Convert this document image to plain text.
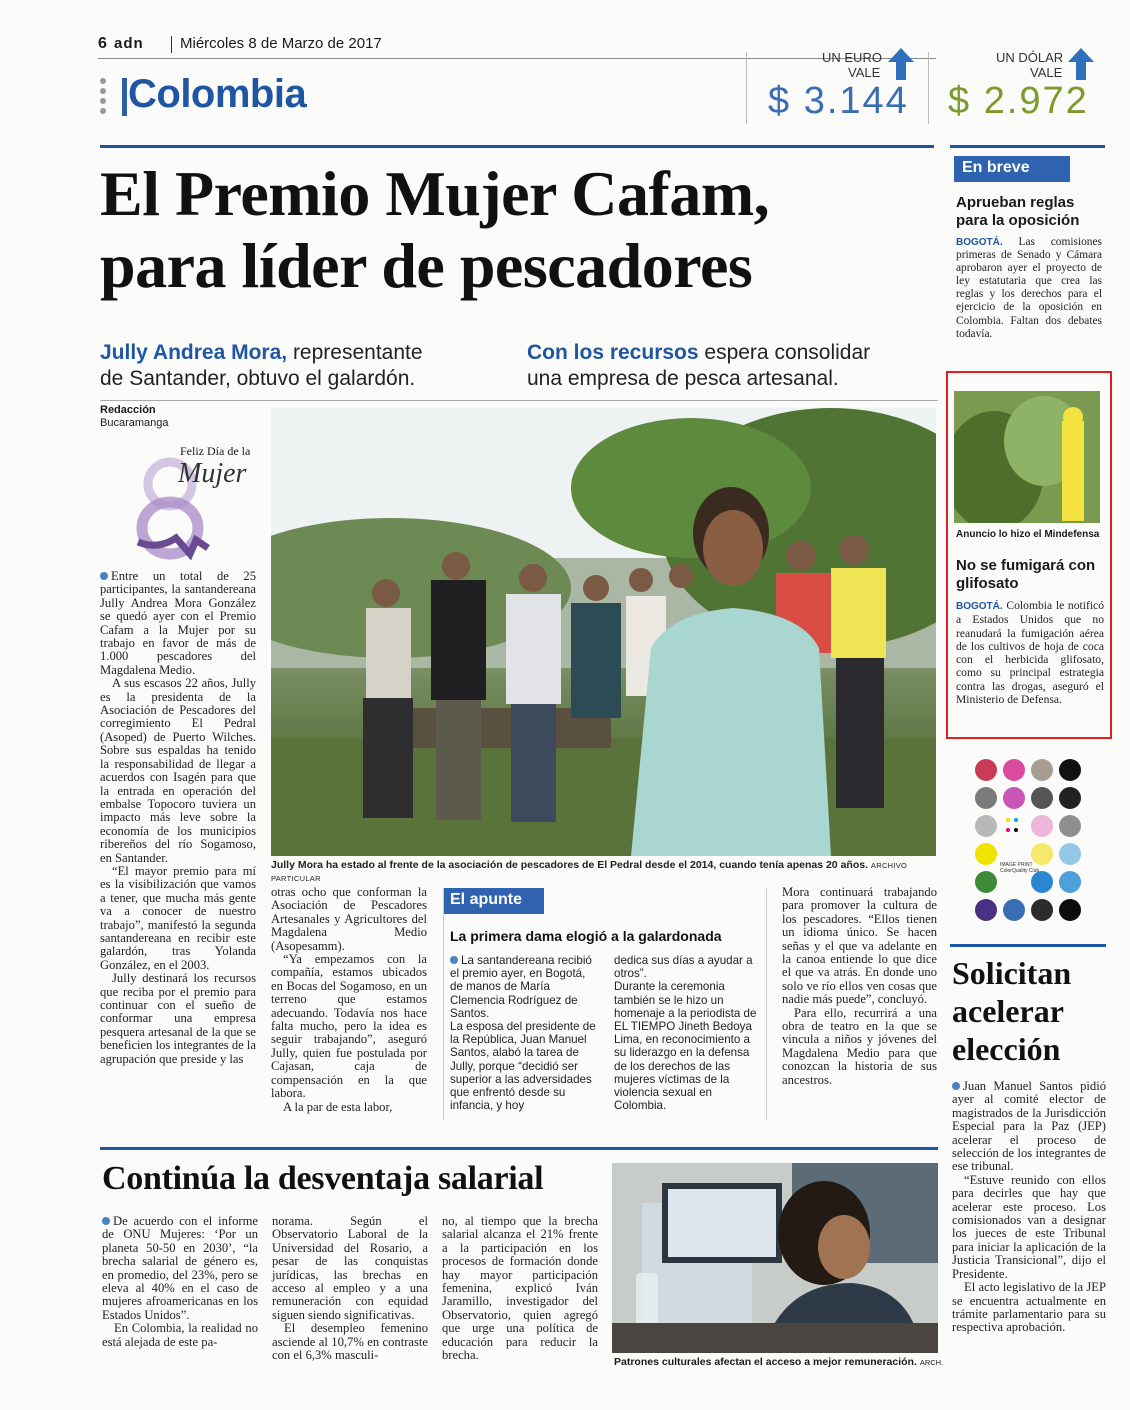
6 adn Miércoles 8 de Marzo de 2017
Colombia
UN EURO
VALE
$ 3.144
UN DÓLAR
VALE
$ 2.972
El Premio Mujer Cafam,
para líder de pescadores
Jully Andrea Mora, representante
de Santander, obtuvo el galardón.
Con los recursos espera consolidar
una empresa de pesca artesanal.
Redacción
Bucaramanga
Feliz Día de la
Mujer

Entre un total de 25 participantes, la santandereana Jully Andrea Mora González se quedó ayer con el Premio Cafam a la Mujer por su trabajo en favor de más de 1.000 pescadores del Magdalena Medio.

A sus escasos 22 años, Jully es la presidenta de la Asociación de Pescadores del corregimiento El Pedral (Asoped) de Puerto Wilches. Sobre sus espaldas ha tenido la responsabilidad de llegar a acuerdos con Isagén para que la entrada en operación del embalse Topocoro tuviera un impacto más leve sobre la economía de los municipios ribereños del río Sogamoso, en Santander.

“El mayor premio para mí es la visibilización que vamos a tener, que mucha más gente va a conocer de nuestro trabajo”, manifestó la segunda santandereana en recibir este galardón, tras Yolanda González, en el 2003.

Jully destinará los recursos que reciba por el premio para continuar con el sueño de conformar una empresa pesquera artesanal de la que se beneficien los integrantes de la agrupación que preside y las

Jully Mora ha estado al frente de la asociación de pescadores de El Pedral desde el 2014, cuando tenía apenas 20 años. ARCHIVO PARTICULAR

otras ocho que conforman la Asociación de Pescadores Artesanales y Agricultores del Magdalena Medio (Asopesamm).

“Ya empezamos con la compañía, estamos ubicados en Bocas del Sogamoso, en un terreno que estamos adecuando. Todavía nos hace falta mucho, pero la idea es seguir trabajando”, aseguró Jully, quien fue postulada por Cajasan, caja de compensación en la que labora.

A la par de esta labor,

El apunte
La primera dama elogió a la galardonada

La santandereana recibió el premio ayer, en Bogotá, de manos de María Clemencia Rodríguez de Santos.

La esposa del presidente de la República, Juan Manuel Santos, alabó la tarea de Jully, porque “decidió ser superior a las adversidades que enfrentó desde su infancia, y hoy

dedica sus días a ayudar a otros”.

Durante la ceremonia también se le hizo un homenaje a la periodista de EL TIEMPO Jineth Bedoya Lima, en reconocimiento a su liderazgo en la defensa de los derechos de las mujeres víctimas de la violencia sexual en Colombia.

Mora continuará trabajando para promover la cultura de los pescadores. “Ellos tienen un idioma único. Se hacen señas y el que va adelante en la canoa entiende lo que dice el que va atrás. En donde uno solo ve río ellos ven cosas que nadie más puede”, concluyó.

Para ello, recurrirá a una obra de teatro en la que se vincula a niños y jóvenes del Magdalena Medio para que conozcan la historia de sus ancestros.

En breve
Aprueban reglas para la oposición

BOGOTÁ. Las comisiones primeras de Senado y Cámara aprobaron ayer el proyecto de ley estatutaria que crea las reglas y los derechos para el ejercicio de la oposición en Colombia. Faltan dos debates todavía.

Anuncio lo hizo el Mindefensa
No se fumigará con glifosato

BOGOTÁ. Colombia le notificó a Estados Unidos que no reanudará la fumigación aérea de los cultivos de hoja de coca con el herbicida glifosato, como su principal estrategia contra las drogas, aseguró el Ministerio de Defensa.

IMAGE PRINT ColorQuality Club
Solicitan acelerar elección

Juan Manuel Santos pidió ayer al comité elector de magistrados de la Jurisdicción Especial para la Paz (JEP) acelerar el proceso de selección de los integrantes de ese tribunal.

“Estuve reunido con ellos para decirles que hay que acelerar este proceso. Los comisionados van a designar los jueces de este Tribunal para iniciar la aplicación de la Justicia Transicional”, dijo el Presidente.

El acto legislativo de la JEP se encuentra actualmente en trámite parlamentario para su respectiva aprobación.

Continúa la desventaja salarial

De acuerdo con el informe de ONU Mujeres: ‘Por un planeta 50-50 en 2030’, “la brecha salarial de género es, en promedio, del 23%, pero se eleva al 40% en el caso de mujeres afroamericanas en los Estados Unidos”.

En Colombia, la realidad no está alejada de este pa-

norama. Según el Observatorio Laboral de la Universidad del Rosario, a pesar de las conquistas jurídicas, las brechas en acceso al empleo y a una remuneración con equidad siguen siendo significativas.

El desempleo femenino asciende al 10,7% en contraste con el 6,3% masculi-

no, al tiempo que la brecha salarial alcanza el 21% frente a la participación en los procesos de formación donde hay mayor participación femenina, explicó Iván Jaramillo, investigador del Observatorio, quien agregó que urge una política de educación para reducir la brecha.	Patrones culturales afectan el acceso a mejor remuneración. ARCH.
